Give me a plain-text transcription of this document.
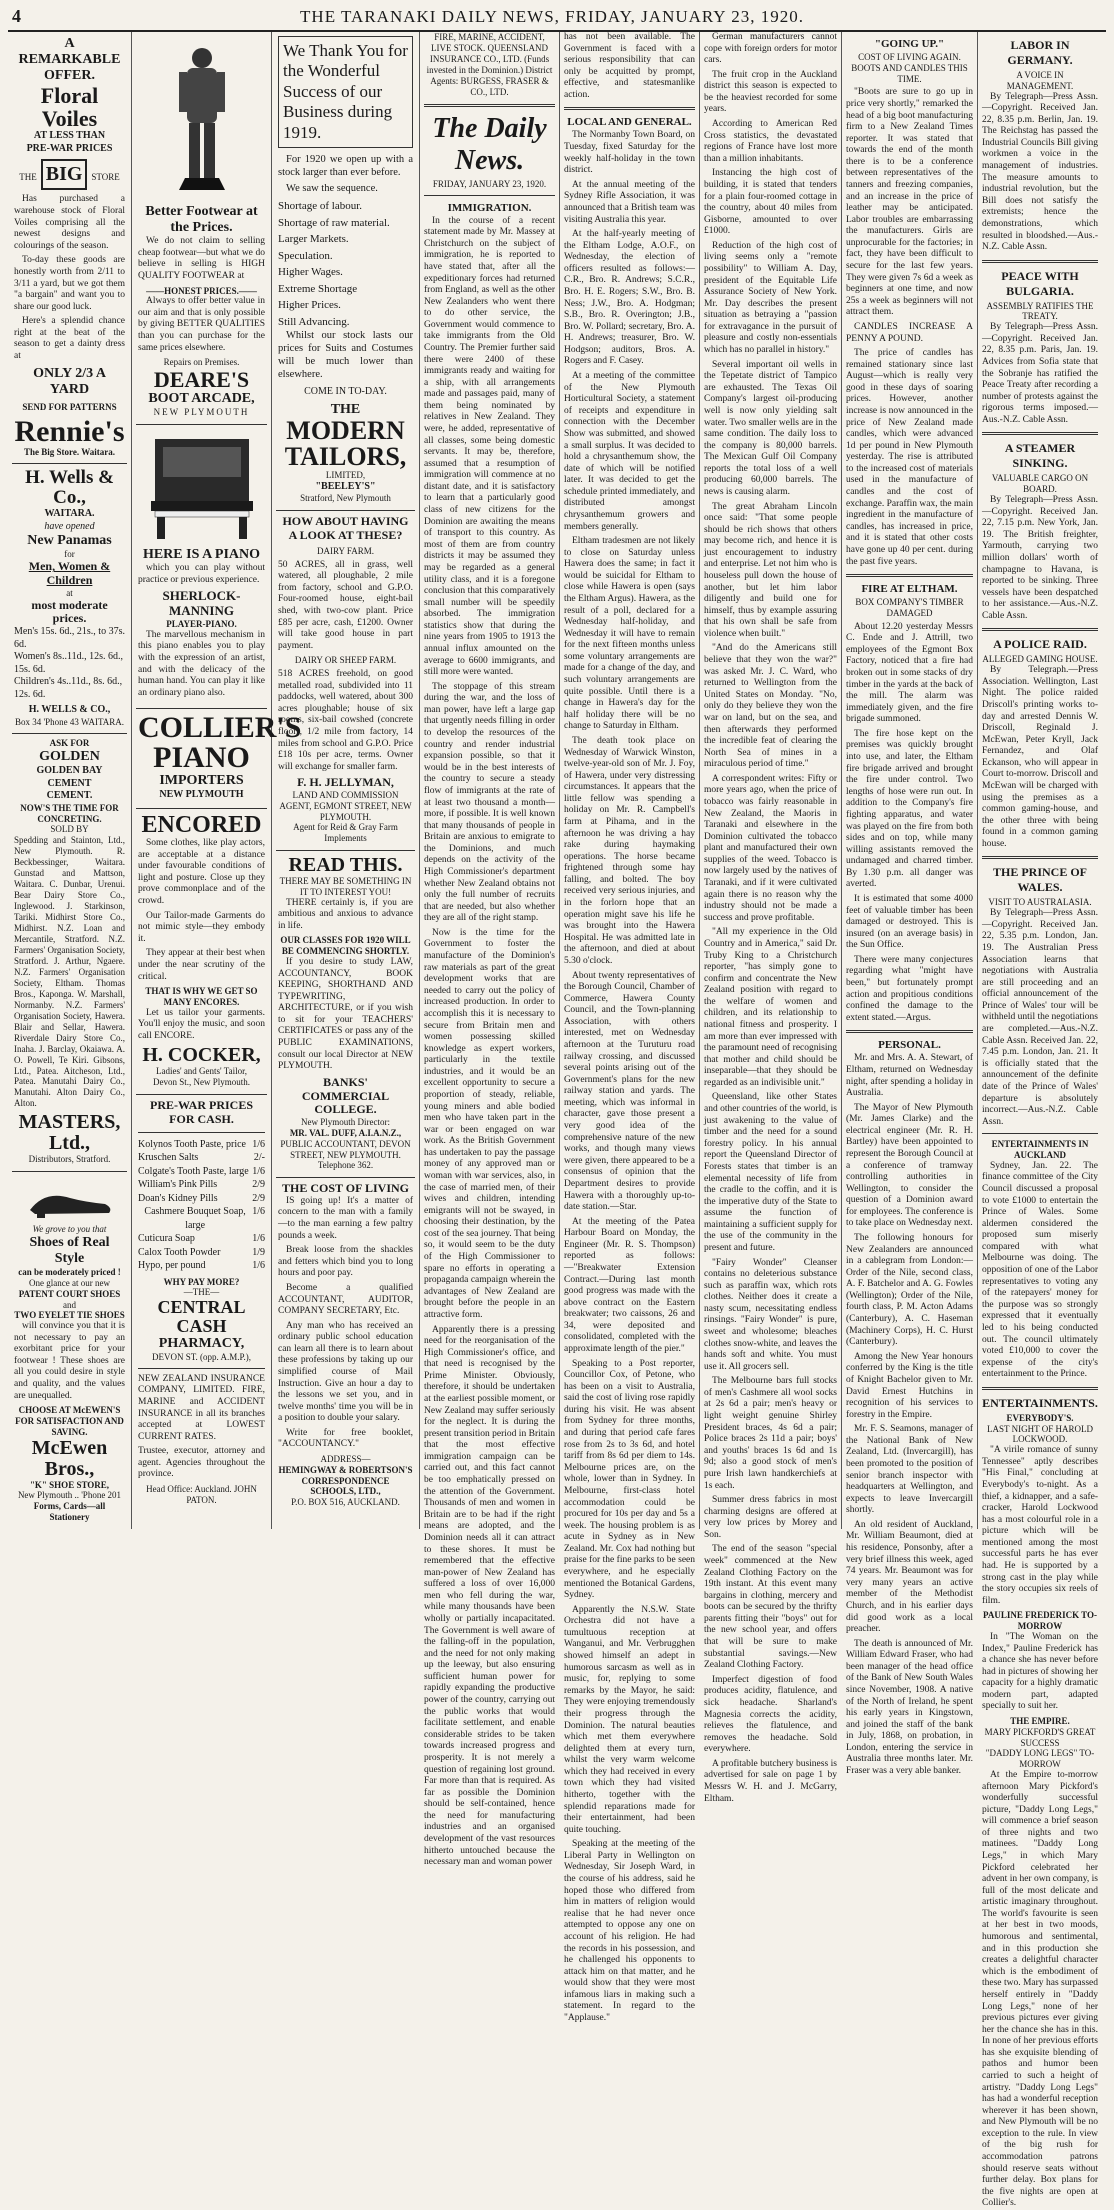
4	THE TARANAKI DAILY NEWS, FRIDAY, JANUARY 23, 1920.
A
REMARKABLE
OFFER.
Floral Voiles
AT LESS THAN
PRE-WAR PRICES
THE BIG STORE

Has purchased a warehouse stock of Floral Voiles comprising all the newest designs and colourings of the season.

To-day these goods are honestly worth from 2/11 to 3/11 a yard, but we got them "a bargain" and want you to share our good luck.

Here's a splendid chance right at the beat of the season to get a dainty dress at

ONLY 2/3 A YARD
SEND FOR PATTERNS
Rennie's
The Big Store. Waitara.
H. Wells & Co.,
WAITARA.
have opened
New Panamas
for
Men, Women & Children
at
most moderate prices.
Men's 15s. 6d., 21s., to 37s. 6d.
Women's 8s..11d., 12s. 6d., 15s. 6d.
Children's 4s..11d., 8s. 6d., 12s. 6d.
H. WELLS & CO.,
Box 34 'Phone 43 WAITARA.
ASK FOR
GOLDEN
GOLDEN BAY CEMENT
CEMENT.
NOW'S THE TIME FOR CONCRETING.
SOLD BY

Spedding and Stainton, Ltd., New Plymouth. R. Beckbessinger, Waitara. Gunstad and Mattson, Waitara. C. Dunbar, Urenui. Bear Dairy Store Co., Inglewood. J. Starkinson, Tariki. Midhirst Store Co., Midhirst. N.Z. Loan and Mercantile, Stratford. N.Z. Farmers' Organisation Society, Stratford. J. Arthur, Ngaere. N.Z. Farmers' Organisation Society, Eltham. Thomas Bros., Kaponga. W. Marshall, Normanby. N.Z. Farmers' Organisation Society, Hawera. Blair and Sellar, Hawera. Riverdale Dairy Store Co., Inaha. J. Barclay, Okaiawa. A. O. Powell, Te Kiri. Gibsons, Ltd., Patea. Aitcheson, Ltd., Patea. Manutahi Dairy Co., Manutahi. Alton Dairy Co., Alton.

MASTERS, Ltd.,
Distributors, Stratford.
We grove to you that
Shoes of Real Style
can be moderately priced !
One glance at our new
PATENT COURT SHOES
and
TWO EYELET TIE SHOES

will convince you that it is not necessary to pay an exorbitant price for your footwear ! These shoes are all you could desire in style and quality, and the values are unequalled.

CHOOSE AT McEWEN'S FOR SATISFACTION AND SAVING.
McEwen Bros.,
"K" SHOE STORE,
New Plymouth .. 'Phone 201
Forms, Cards—all Stationery
Better Footwear at the Prices.

We do not claim to selling cheap footwear—but what we do believe in selling is HIGH QUALITY FOOTWEAR at

——HONEST PRICES.——

Always to offer better value in our aim and that is only possible by giving BETTER QUALITIES than you can purchase for the same prices elsewhere.

Repairs on Premises.
DEARE'S
BOOT ARCADE,
NEW PLYMOUTH
HERE IS A PIANO

which you can play without practice or previous experience.

SHERLOCK-MANNING
PLAYER-PIANO.

The marvellous mechanism in this piano enables you to play with the expression of an artist, and with the delicacy of the human hand. You can play it like an ordinary piano also.

COLLIER'S
PIANO
IMPORTERS
NEW PLYMOUTH
ENCORED

Some clothes, like play actors, are acceptable at a distance under favourable conditions of light and posture. Close up they prove commonplace and of the crowd.

Our Tailor-made Garments do not mimic style—they embody it.

They appear at their best when under the near scrutiny of the critical.

THAT IS WHY WE GET SO MANY ENCORES.

Let us tailor your garments. You'll enjoy the music, and soon call ENCORE.

H. COCKER,
Ladies' and Gents' Tailor,
Devon St., New Plymouth.
PRE-WAR PRICES FOR CASH.
Kolynos Tooth Paste, price 1/6
Kruschen Salts	2/-
Colgate's Tooth Paste, large 1/6
William's Pink Pills	2/9
Doan's Kidney Pills	2/9
Cashmere Bouquet Soap, large
1/6
Cuticura Soap	1/6
Calox Tooth Powder	1/9
Hypo, per pound	1/6
WHY PAY MORE?
—THE—
CENTRAL CASH
PHARMACY,
DEVON ST. (opp. A.M.P.),

NEW ZEALAND INSURANCE COMPANY, LIMITED. FIRE, MARINE and ACCIDENT INSURANCE in all its branches accepted at LOWEST CURRENT RATES.

Trustee, executor, attorney and agent. Agencies throughout the province.

Head Office: Auckland. JOHN PATON.
We Thank You for the Wonderful Success of our Business during 1919.

For 1920 we open up with a stock larger than ever before.

We saw the sequence.

Shortage of labour.
Shortage of raw material.
Larger Markets.
Speculation.
Higher Wages.
Extreme Shortage
Higher Prices.
Still Advancing.

Whilst our stock lasts our prices for Suits and Costumes will be much lower than elsewhere.

COME IN TO-DAY.
THE
MODERN
TAILORS,
LIMITED,
"BEELEY'S"
Stratford, New Plymouth
HOW ABOUT HAVING A LOOK AT THESE?
DAIRY FARM.

50 ACRES, all in grass, well watered, all ploughable, 2 mile from factory, school and G.P.O. Four-roomed house, eight-bail shed, with two-cow plant. Price £85 per acre, cash, £1200. Owner will take good house in part payment.

DAIRY OR SHEEP FARM.

518 ACRES freehold, on good metalled road, subdivided into 11 paddocks, well watered, about 300 acres ploughable; house of six rooms, six-bail cowshed (concrete floor), 1/2 mile from factory, 14 miles from school and G.P.O. Price £18 10s per acre, terms. Owner will exchange for smaller farm.

F. H. JELLYMAN,
LAND AND COMMISSION AGENT, EGMONT STREET, NEW PLYMOUTH.
Agent for Reid & Gray Farm Implements
READ THIS.
THERE MAY BE SOMETHING IN IT TO INTEREST YOU!

THERE certainly is, if you are ambitious and anxious to advance in life.

OUR CLASSES FOR 1920 WILL BE COMMENCING SHORTLY.

If you desire to study LAW, ACCOUNTANCY, BOOK KEEPING, SHORTHAND AND TYPEWRITING, ARCHITECTURE, or if you wish to sit for your TEACHERS' CERTIFICATES or pass any of the PUBLIC EXAMINATIONS, consult our local Director at NEW PLYMOUTH.

BANKS' COMMERCIAL COLLEGE.
New Plymouth Director:
MR. VAL. DUFF, A.I.A.N.Z.,
PUBLIC ACCOUNTANT, DEVON STREET, NEW PLYMOUTH.
Telephone 362.
THE COST OF LIVING

IS going up! It's a matter of concern to the man with a family—to the man earning a few paltry pounds a week.

Break loose from the shackles and fetters which bind you to long hours and poor pay.

Become a qualified ACCOUNTANT, AUDITOR, COMPANY SECRETARY, Etc.

Any man who has received an ordinary public school education can learn all there is to learn about these professions by taking up our simplified course of Mail Instruction. Give an hour a day to the lessons we set you, and in twelve months' time you will be in a position to double your salary.

Write for free booklet, "ACCOUNTANCY."

ADDRESS—
HEMINGWAY & ROBERTSON'S CORRESPONDENCE SCHOOLS, LTD.,
P.O. BOX 516, AUCKLAND.

FIRE, MARINE, ACCIDENT, LIVE STOCK. QUEENSLAND INSURANCE CO., LTD. (Funds invested in the Dominion.) District Agents: BURGESS, FRASER & CO., LTD.

The Daily News.
FRIDAY, JANUARY 23, 1920.
IMMIGRATION.

In the course of a recent statement made by Mr. Massey at Christchurch on the subject of immigration, he is reported to have stated that, after all the expeditionary forces had returned from England, as well as the other New Zealanders who went there to do other service, the Government would commence to take immigrants from the Old Country. The Premier further said there were 2400 of these immigrants ready and waiting for a ship, with all arrangements made and passages paid, many of them being nominated by relatives in New Zealand. They were, he added, representative of all classes, some being domestic servants. It may be, therefore, assumed that a resumption of immigration will commence at no distant date, and it is satisfactory to learn that a particularly good class of new citizens for the Dominion are awaiting the means of transport to this country. As most of them are from country districts it may be assumed they may be regarded as a general utility class, and it is a foregone conclusion that this comparatively small number will be speedily absorbed. The immigration statistics show that during the nine years from 1905 to 1913 the annual influx amounted on the average to 6600 immigrants, and still more were wanted.

The stoppage of this stream during the war, and the loss of man power, have left a large gap that urgently needs filling in order to develop the resources of the country and render industrial expansion possible, so that it would be in the best interests of the country to secure a steady flow of immigrants at the rate of at least two thousand a month—more, if possible. It is well known that many thousands of people in Britain are anxious to emigrate to the Dominions, and much depends on the activity of the High Commissioner's department whether New Zealand obtains not only the full number of recruits that are needed, but also whether they are all of the right stamp.

Now is the time for the Government to foster the manufacture of the Dominion's raw materials as part of the great development works that are needed to carry out the policy of increased production. In order to accomplish this it is necessary to secure from Britain men and women possessing skilled knowledge as expert workers, particularly in the textile industries, and it would be an excellent opportunity to secure a proportion of steady, reliable, young miners and able bodied men who have taken part in the war or been engaged on war work. As the British Government has undertaken to pay the passage money of any approved man or woman with war services, also, in the case of married men, of their wives and children, intending emigrants will not be swayed, in choosing their destination, by the cost of the sea journey. That being so, it would seem to be the duty of the High Commissioner to spare no efforts in operating a propaganda campaign wherein the advantages of New Zealand are brought before the people in an attractive form.

Apparently there is a pressing need for the reorganisation of the High Commissioner's office, and that need is recognised by the Prime Minister. Obviously, therefore, it should be undertaken at the earliest possible moment, or New Zealand may suffer seriously for the neglect. It is during the present transition period in Britain that the most effective immigration campaign can be carried out, and this fact cannot be too emphatically pressed on the attention of the Government. Thousands of men and women in Britain are to be had if the right means are adopted, and the Dominion needs all it can attract to these shores. It must be remembered that the effective man-power of New Zealand has suffered a loss of over 16,000 men who fell during the war, while many thousands have been wholly or partially incapacitated. The Government is well aware of the falling-off in the population, and the need for not only making up the leeway, but also ensuring sufficient human power for rapidly expanding the productive power of the country, carrying out the public works that would facilitate settlement, and enable considerable strides to be taken towards increased progress and prosperity. It is not merely a question of regaining lost ground. Far more than that is required. As far as possible the Dominion should be self-contained, hence the need for manufacturing industries and an organised development of the vast resources hitherto untouched because the necessary man and woman power

has not been available. The Government is faced with a serious responsibility that can only be acquitted by prompt, effective, and statesmanlike action.

LOCAL AND GENERAL.

The Normanby Town Board, on Tuesday, fixed Saturday for the weekly half-holiday in the town district.

At the annual meeting of the Sydney Rifle Association, it was announced that a British team was visiting Australia this year.

At the half-yearly meeting of the Eltham Lodge, A.O.F., on Wednesday, the election of officers resulted as follows:—C.R., Bro. R. Andrews; S.C.R., Bro. H. E. Rogers; S.W., Bro. B. Ness; J.W., Bro. A. Hodgman; S.B., Bro. R. Overington; J.B., Bro. W. Pollard; secretary, Bro. A. H. Andrews; treasurer, Bro. W. Hodgson; auditors, Bros. A. Rogers and F. Casey.

At a meeting of the committee of the New Plymouth Horticultural Society, a statement of receipts and expenditure in connection with the December Show was submitted, and showed a small surplus. It was decided to hold a chrysanthemum show, the date of which will be notified later. It was decided to get the schedule printed immediately, and distributed amongst chrysanthemum growers and members generally.

Eltham tradesmen are not likely to close on Saturday unless Hawera does the same; in fact it would be suicidal for Eltham to close while Hawera is open (says the Eltham Argus). Hawera, as the result of a poll, declared for a Wednesday half-holiday, and Wednesday it will have to remain for the next fifteen months unless some voluntary arrangements are made for a change of the day, and such voluntary arrangements are quite possible. Until there is a change in Hawera's day for the half holiday there will be no change to Saturday in Eltham.

The death took place on Wednesday of Warwick Winston, twelve-year-old son of Mr. J. Foy, of Hawera, under very distressing circumstances. It appears that the little fellow was spending a holiday on Mr. R. Campbell's farm at Pihama, and in the afternoon he was driving a hay rake during haymaking operations. The horse became frightened through some hay falling, and bolted. The boy received very serious injuries, and in the forlorn hope that an operation might save his life he was brought into the Hawera Hospital. He was admitted late in the afternoon, and died at about 5.30 o'clock.

About twenty representatives of the Borough Council, Chamber of Commerce, Hawera County Council, and the Town-planning Association, with others interested, met on Wednesday afternoon at the Turuturu road railway crossing, and discussed several points arising out of the Government's plans for the new railway station and yards. The meeting, which was informal in character, gave those present a very good idea of the comprehensive nature of the new works, and though many views were given, there appeared to be a consensus of opinion that the Department desires to provide Hawera with a thoroughly up-to-date station.—Star.

At the meeting of the Patea Harbour Board on Monday, the Engineer (Mr. R. S. Thompson) reported as follows:—"Breakwater Extension Contract.—During last month good progress was made with the above contract on the Eastern breakwater; two caissons, 26 and 34, were deposited and consolidated, completed with the approximate length of the pier."

Speaking to a Post reporter, Councillor Cox, of Petone, who has been on a visit to Australia, said the cost of living rose rapidly during his visit. He was absent from Sydney for three months, and during that period cafe fares rose from 2s to 3s 6d, and hotel tariff from 8s 6d per diem to 14s. Melbourne prices are, on the whole, lower than in Sydney. In Melbourne, first-class hotel accommodation could be procured for 10s per day and 5s a week. The housing problem is as acute in Sydney as in New Zealand. Mr. Cox had nothing but praise for the fine parks to be seen everywhere, and he especially mentioned the Botanical Gardens, Sydney.

Apparently the N.S.W. State Orchestra did not have a tumultuous reception at Wanganui, and Mr. Verbrugghen showed himself an adept in humorous sarcasm as well as in music, for, replying to some remarks by the Mayor, he said: They were enjoying tremendously their progress through the Dominion. The natural beauties which met them everywhere delighted them at every turn, whilst the very warm welcome which they had received in every town which they had visited hitherto, together with the splendid reparations made for their entertainment, had been quite touching.

Speaking at the meeting of the Liberal Party in Wellington on Wednesday, Sir Joseph Ward, in the course of his address, said he hoped those who differed from him in matters of religion would realise that he had never once attempted to oppose any one on account of his religion. He had the records in his possession, and he challenged his opponents to attack him on that matter, and he would show that they were most infamous liars in making such a statement. In regard to the "Applause."

German manufacturers cannot cope with foreign orders for motor cars.

The fruit crop in the Auckland district this season is expected to be the heaviest recorded for some years.

According to American Red Cross statistics, the devastated regions of France have lost more than a million inhabitants.

Instancing the high cost of building, it is stated that tenders for a plain four-roomed cottage in the country, about 40 miles from Gisborne, amounted to over £1000.

Reduction of the high cost of living seems only a "remote possibility" to William A. Day, president of the Equitable Life Assurance Society of New York. Mr. Day describes the present situation as betraying a "passion for extravagance in the pursuit of pleasure and costly non-essentials which has no parallel in history."

Several important oil wells in the Tepetate district of Tampico are exhausted. The Texas Oil Company's largest oil-producing well is now only yielding salt water. Two smaller wells are in the same condition. The daily loss to the company is 80,000 barrels. The Mexican Gulf Oil Company reports the total loss of a well producing 60,000 barrels. The news is causing alarm.

The great Abraham Lincoln once said: "That some people should be rich shows that others may become rich, and hence it is just encouragement to industry and enterprise. Let not him who is houseless pull down the house of another, but let him labor diligently and build one for himself, thus by example assuring that his own shall be safe from violence when built."

"And do the Americans still believe that they won the war?" was asked Mr. J. C. Ward, who returned to Wellington from the United States on Monday. "No, only do they believe they won the war on land, but on the sea, and then afterwards they performed the incredible feat of clearing the North Sea of mines in a miraculous period of time."

A correspondent writes: Fifty or more years ago, when the price of tobacco was fairly reasonable in New Zealand, the Maoris in Taranaki and elsewhere in the Dominion cultivated the tobacco plant and manufactured their own supplies of the weed. Tobacco is now largely used by the natives of Taranaki, and if it were cultivated again there is no reason why the industry should not be made a success and prove profitable.

"All my experience in the Old Country and in America," said Dr. Truby King to a Christchurch reporter, "has simply gone to confirm and concentrate the New Zealand position with regard to the welfare of women and children, and its relationship to national fitness and prosperity. I am more than ever impressed with the paramount need of recognising that mother and child should be inseparable—that they should be regarded as an indivisible unit."

Queensland, like other States and other countries of the world, is just awakening to the value of timber and the need for a sound forestry policy. In his annual report the Queensland Director of Forests states that timber is an elemental necessity of life from the cradle to the coffin, and it is the imperative duty of the State to assume the function of maintaining a sufficient supply for the use of the community in the present and future.

"Fairy Wonder" Cleanser contains no deleterious substance such as paraffin wax, which rots clothes. Neither does it create a nasty scum, necessitating endless rinsings. "Fairy Wonder" is pure, sweet and wholesome; bleaches clothes snow-white, and leaves the hands soft and white. You must use it. All grocers sell.

The Melbourne bars full stocks of men's Cashmere all wool socks at 2s 6d a pair; men's heavy or light weight genuine Shirley President braces, 4s 6d a pair; Police braces 2s 11d a pair; boys' and youths' braces 1s 6d and 1s 9d; also a good stock of men's pure Irish lawn handkerchiefs at 1s each.

Summer dress fabrics in most charming designs are offered at very low prices by Morey and Son.

The end of the season "special week" commenced at the New Zealand Clothing Factory on the 19th instant. At this event many bargains in clothing, mercery and boots can be secured by the thrifty parents fitting their "boys" out for the new school year, and offers that will be sure to make substantial savings.—New Zealand Clothing Factory.

Imperfect digestion of food produces acidity, flatulence, and sick headache. Sharland's Magnesia corrects the acidity, relieves the flatulence, and removes the headache. Sold everywhere.

A profitable butchery business is advertised for sale on page 1 by Messrs W. H. and J. McGarry, Eltham.

"GOING UP."
COST OF LIVING AGAIN.
BOOTS AND CANDLES THIS TIME.

"Boots are sure to go up in price very shortly," remarked the head of a big boot manufacturing firm to a New Zealand Times reporter. It was stated that towards the end of the month there is to be a conference between representatives of the tanners and freezing companies, and an increase in the price of leather may be anticipated. Labor troubles are embarrassing the manufacturers. Girls are unprocurable for the factories; in fact, they have been difficult to secure for the last few years. They were given 7s 6d a week as beginners at one time, and now 25s a week as beginners will not attract them.

CANDLES INCREASE A PENNY A POUND.

The price of candles has remained stationary since last August—which is really very good in these days of soaring prices. However, another increase is now announced in the price of New Zealand made candles, which were advanced 1d per pound in New Plymouth yesterday. The rise is attributed to the increased cost of materials used in the manufacture of candles and the cost of exchange. Paraffin wax, the main ingredient in the manufacture of candles, has increased in price, and it is stated that other costs have gone up 40 per cent. during the past five years.

FIRE AT ELTHAM.
BOX COMPANY'S TIMBER DAMAGED

About 12.20 yesterday Messrs C. Ende and J. Attrill, two employees of the Egmont Box Factory, noticed that a fire had broken out in some stacks of dry timber in the yards at the back of the mill. The alarm was immediately given, and the fire brigade summoned.

The fire hose kept on the premises was quickly brought into use, and later, the Eltham fire brigade arrived and brought the fire under control. Two lengths of hose were run out. In addition to the Company's fire fighting apparatus, and water was played on the fire from both sides and on top, while many willing assistants removed the undamaged and charred timber. By 1.30 p.m. all danger was averted.

It is estimated that some 4000 feet of valuable timber has been damaged or destroyed. This is insured (on an average basis) in the Sun Office.

There were many conjectures regarding what "might have been," but fortunately prompt action and propitious conditions confined the damage to the extent stated.—Argus.

PERSONAL.

Mr. and Mrs. A. A. Stewart, of Eltham, returned on Wednesday night, after spending a holiday in Australia.

The Mayor of New Plymouth (Mr. James Clarke) and the electrical engineer (Mr. R. H. Bartley) have been appointed to represent the Borough Council at a conference of tramway controlling authorities in Wellington, to consider the question of a Dominion award for employees. The conference is to take place on Wednesday next.

The following honours for New Zealanders are announced in a cablegram from London:—Order of the Nile, second class, A. F. Batchelor and A. G. Fowles (Wellington); Order of the Nile, fourth class, P. M. Acton Adams (Canterbury), A. C. Haseman (Machinery Corps), H. C. Hurst (Canterbury).

Among the New Year honours conferred by the King is the title of Knight Bachelor given to Mr. David Ernest Hutchins in recognition of his services to forestry in the Empire.

Mr. F. S. Seamons, manager of the National Bank of New Zealand, Ltd. (Invercargill), has been promoted to the position of senior branch inspector with headquarters at Wellington, and expects to leave Invercargill shortly.

An old resident of Auckland, Mr. William Beaumont, died at his residence, Ponsonby, after a very brief illness this week, aged 74 years. Mr. Beaumont was for very many years an active member of the Methodist Church, and in his earlier days did good work as a local preacher.

The death is announced of Mr. William Edward Fraser, who had been manager of the head office of the Bank of New South Wales since November, 1908. A native of the North of Ireland, he spent his early years in Kingstown, and joined the staff of the bank in July, 1868, on probation, in London, entering the service in Australia three months later. Mr. Fraser was a very able banker.

LABOR IN GERMANY.
A VOICE IN MANAGEMENT.

By Telegraph—Press Assn.—Copyright. Received Jan. 22, 8.35 p.m. Berlin, Jan. 19. The Reichstag has passed the Industrial Councils Bill giving workmen a voice in the management of industries. The measure amounts to industrial revolution, but the Bill does not satisfy the extremists; hence the demonstrations, which resulted in bloodshed.—Aus.-N.Z. Cable Assn.

PEACE WITH BULGARIA.
ASSEMBLY RATIFIES THE TREATY.

By Telegraph—Press Assn.—Copyright. Received Jan. 22, 8.35 p.m. Paris, Jan. 19. Advices from Sofia state that the Sobranje has ratified the Peace Treaty after recording a number of protests against the rigorous terms imposed.—Aus.-N.Z. Cable Assn.

A STEAMER SINKING.
VALUABLE CARGO ON BOARD.

By Telegraph—Press Assn.—Copyright. Received Jan. 22, 7.15 p.m. New York, Jan. 19. The British freighter, Yarmouth, carrying two million dollars' worth of champagne to Havana, is reported to be sinking. Three vessels have been despatched to her assistance.—Aus.-N.Z. Cable Assn.

A POLICE RAID.
ALLEGED GAMING HOUSE.

By Telegraph.—Press Association. Wellington, Last Night. The police raided Driscoll's printing works to-day and arrested Dennis W. Driscoll, Reginald J. McEwan, Peter Kryll, Jack Fernandez, and Olaf Eckanson, who will appear in Court to-morrow. Driscoll and McEwan will be charged with using the premises as a common gaming-house, and the other three with being found in a common gaming house.

THE PRINCE OF WALES.
VISIT TO AUSTRALASIA.

By Telegraph—Press Assn.—Copyright. Received Jan. 22, 5.35 p.m. London, Jan. 19. The Australian Press Association learns that negotiations with Australia are still proceeding and an official announcement of the Prince of Wales' tour will be withheld until the negotiations are completed.—Aus.-N.Z. Cable Assn. Received Jan. 22, 7.45 p.m. London, Jan. 21. It is officially stated that the announcement of the definite date of the Prince of Wales' departure is absolutely incorrect.—Aus.-N.Z. Cable Assn.

ENTERTAINMENTS IN AUCKLAND

Sydney, Jan. 22. The finance committee of the City Council discussed a proposal to vote £1000 to entertain the Prince of Wales. Some aldermen considered the proposed sum miserly compared with what Melbourne was doing. The opposition of one of the Labor representatives to voting any of the ratepayers' money for the purpose was so strongly expressed that it eventually led to his being conducted out. The council ultimately voted £10,000 to cover the expense of the city's entertainment to the Prince.

ENTERTAINMENTS.
EVERYBODY'S.
LAST NIGHT OF HAROLD LOCKWOOD.

"A virile romance of sunny Tennessee" aptly describes "His Final," concluding at Everybody's to-night. As a thief, a kidnapper, and a safe-cracker, Harold Lockwood has a most colourful role in a picture which will be mentioned among the most successful parts he has ever had. He is supported by a strong cast in the play while the story occupies six reels of film.

PAULINE FREDERICK TO-MORROW

In "The Woman on the Index," Pauline Frederick has a chance she has never before had in pictures of showing her capacity for a highly dramatic modern part, adapted specially to suit her.

THE EMPIRE.
MARY PICKFORD'S GREAT SUCCESS
"DADDY LONG LEGS" TO-MORROW

At the Empire to-morrow afternoon Mary Pickford's wonderfully successful picture, "Daddy Long Legs," will commence a brief season of three nights and two matinees. "Daddy Long Legs," in which Mary Pickford celebrated her advent in her own company, is full of the most delicate and artistic imaginary throughout. The world's favourite is seen at her best in two moods, humorous and sentimental, and in this production she creates a delightful character which is the embodiment of these two. Mary has surpassed herself entirely in "Daddy Long Legs," none of her previous pictures ever giving her the chance she has in this. In none of her previous efforts has she exquisite blending of pathos and humor been carried to such a height of artistry. "Daddy Long Legs" has had a wonderful reception wherever it has been shown, and New Plymouth will be no exception to the rule. In view of the big rush for accommodation patrons should reserve seats without further delay. Box plans for the five nights are open at Collier's.
